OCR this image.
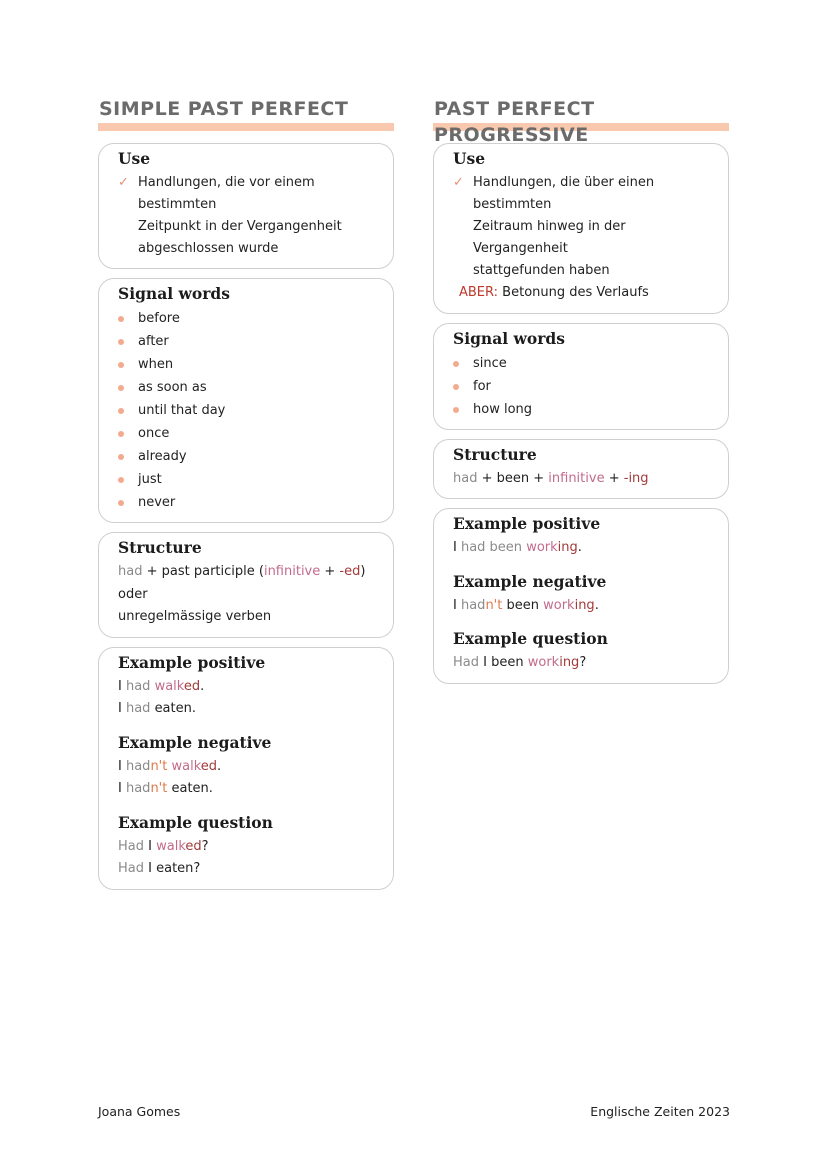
SIMPLE PAST PERFECT
Use
✓ Handlungen, die vor einem bestimmten
Zeitpunkt in der Vergangenheit
abgeschlossen wurde
Signal words
before
after
when
as soon as
until that day
once
already
just
never
Structure
had + past participle (infinitive + -ed)
oder
unregelmässige verben
Example positive
I had walked.
I had eaten.
Example negative
I hadn't walked.
I hadn't eaten.
Example question
Had I walked?
Had I eaten?
PAST PERFECT PROGRESSIVE
Use
✓ Handlungen, die über einen bestimmten
Zeitraum hinweg in der Vergangenheit
stattgefunden haben
ABER: Betonung des Verlaufs
Signal words
since
for
how long
Structure
had + been + infinitive + -ing
Example positive
I had been working.
Example negative
I hadn't been working.
Example question
Had I been working?
Joana Gomes	Englische Zeiten 2023
